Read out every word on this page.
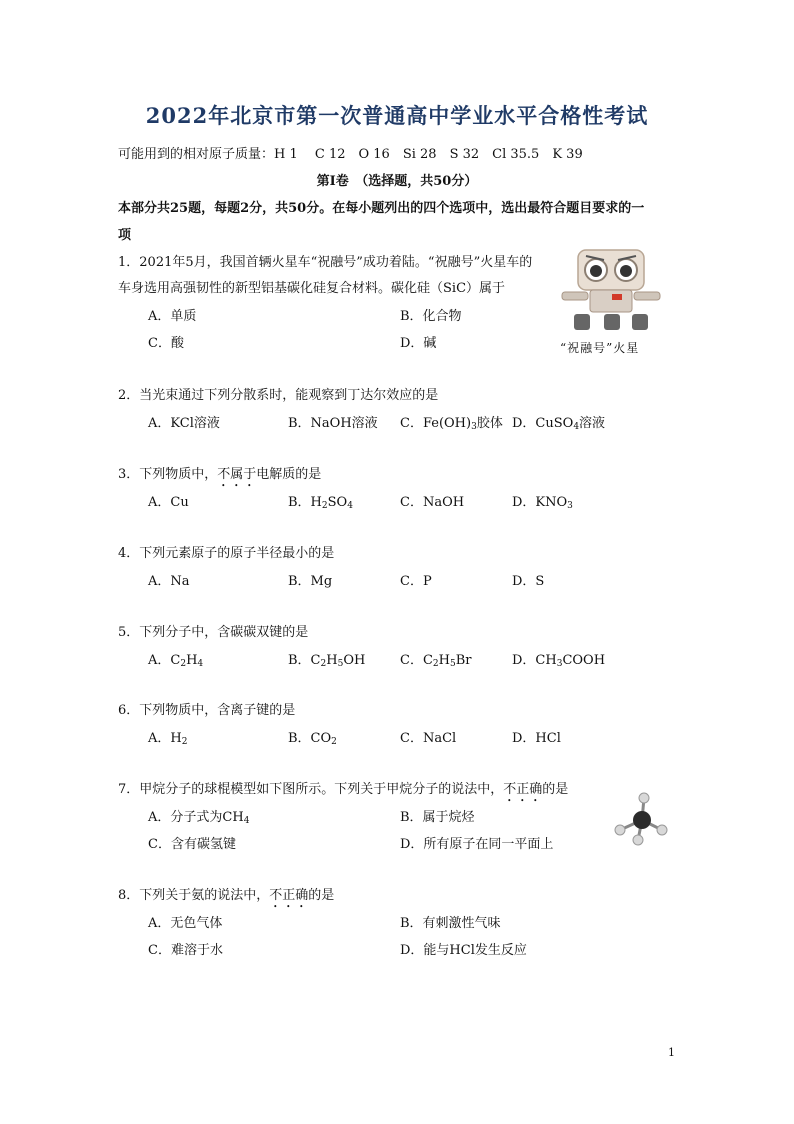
2022年北京市第一次普通高中学业水平合格性考试
可能用到的相对原子质量：H 1　 C 12　O 16　Si 28　S 32　Cl 35.5　K 39
第Ⅰ卷　（选择题，共50分）
本部分共25题，每题2分，共50分。在每小题列出的四个选项中，选出最符合题目要求的一
项
1．2021年5月，我国首辆火星车“祝融号”成功着陆。“祝融号”火星车的
车身选用高强韧性的新型铝基碳化硅复合材料。碳化硅（SiC）属于
A．单质	B．化合物
C．酸	D．碱	“祝融号”火星
2．当光束通过下列分散系时，能观察到丁达尔效应的是
A．KCl溶液	B．NaOH溶液 C．$Fe(OH)_3$胶体 D．CuSO$_4$溶液
3．下列物质中，不属于电解质的是
A．Cu	B．$H_2SO_4$	C．NaOH	D．$KNO_3$
4．下列元素原子的原子半径最小的是
A．Na	B．Mg	C．P	D．S
5．下列分子中，含碳碳双键的是
A．$C_2H_4$	B．$C_2H_5OH$	C．$C_2H_5Br$	D．$CH_3COOH$
6．下列物质中，含离子键的是
A．$H_2$	B．$CO_2$	C．NaCl	D．HCl
7．甲烷分子的球棍模型如下图所示。下列关于甲烷分子的说法中，不正确的是
A．分子式为$CH_4$	B．属于烷烃
C．含有碳氢键	D．所有原子在同一平面上
8．下列关于氨的说法中，不正确的是
A．无色气体	B．有刺激性气味
C．难溶于水	D．能与HCl发生反应
1
